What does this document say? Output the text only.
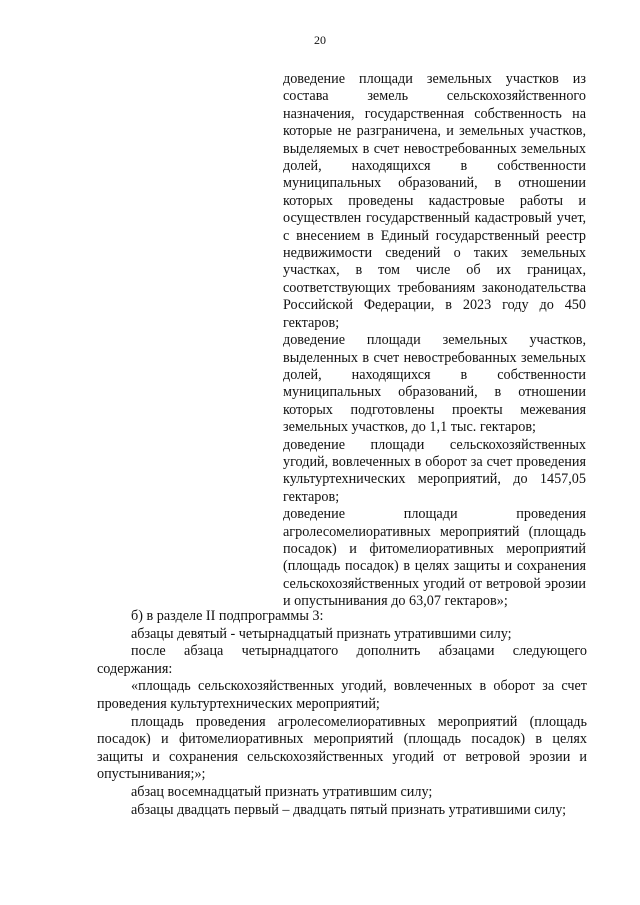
20

доведение площади земельных участков из состава земель сельскохозяйственного назначения, государственная собственность на которые не разграничена, и земельных участков, выделяемых в счет невостребованных земельных долей, находящихся в собственности муниципальных образований, в отношении которых проведены кадастровые работы и осуществлен государственный кадастровый учет, с внесением в Единый государственный реестр недвижимости сведений о таких земельных участках, в том числе об их границах, соответствующих требованиям законодательства Российской Федерации, в 2023 году до 450 гектаров;

доведение площади земельных участков, выделенных в счет невостребованных земельных долей, находящихся в собственности муниципальных образований, в отношении которых подготовлены проекты межевания земельных участков, до 1,1 тыс. гектаров;

доведение площади сельскохозяйственных угодий, вовлеченных в оборот за счет проведения культуртехнических мероприятий, до 1457,05 гектаров;

доведение площади проведения агролесомелиоративных мероприятий (площадь посадок) и фитомелиоративных мероприятий (площадь посадок) в целях защиты и сохранения сельскохозяйственных угодий от ветровой эрозии и опустынивания до 63,07 гектаров»;

б) в разделе II подпрограммы 3:

абзацы девятый - четырнадцатый признать утратившими силу;

после абзаца четырнадцатого дополнить абзацами следующего содержания:

«площадь сельскохозяйственных угодий, вовлеченных в оборот за счет проведения культуртехнических мероприятий;

площадь проведения агролесомелиоративных мероприятий (площадь посадок) и фитомелиоративных мероприятий (площадь посадок) в целях защиты и сохранения сельскохозяйственных угодий от ветровой эрозии и опустынивания;»;

абзац восемнадцатый признать утратившим силу;

абзацы двадцать первый – двадцать пятый признать утратившими силу;
